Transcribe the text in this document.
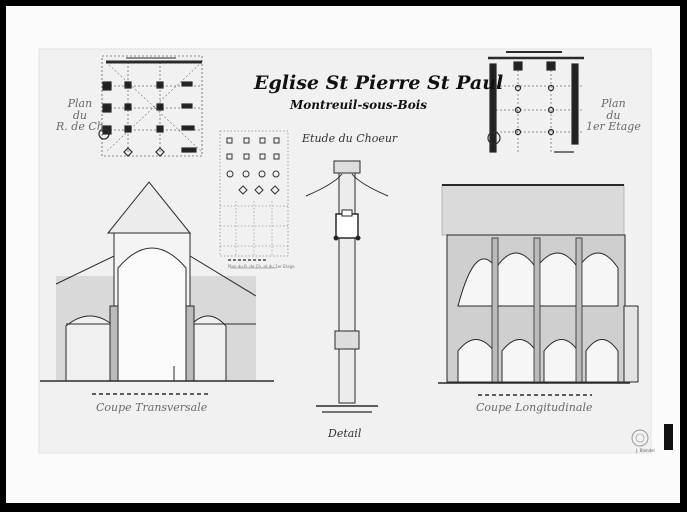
Eglise St Pierre St Paul
Montreuil-sous-Bois
Plan
du
R. de Ch
Plan
du
1er Etage
Etude du Choeur
Plan du R. de Ch. et du 1er Etage
Coupe Transversale	Coupe Longitudinale
Detail
J. Blondel
